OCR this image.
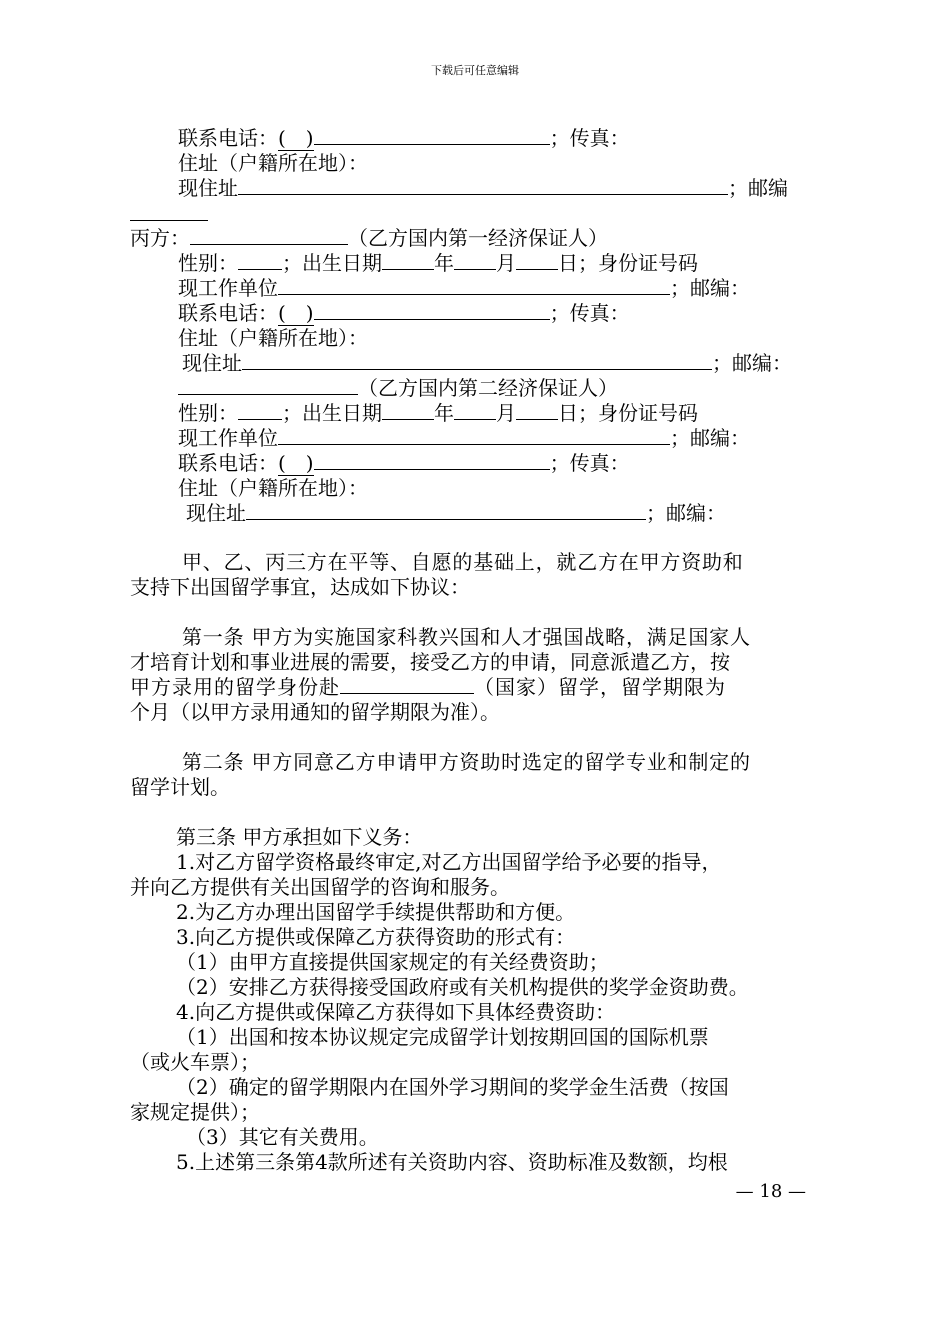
下载后可任意编辑
联系电话：(　)	；传真：
住址（户籍所在地）：
现住址	；邮编
丙方：	（乙方国内第一经济保证人）
性别： ；出生日期	年 月 日；身份证号码
现工作单位	；邮编：
联系电话：(　)	；传真：
住址（户籍所在地）：
现住址	；邮编：
（乙方国内第二经济保证人）
性别： ；出生日期	年 月 日；身份证号码
现工作单位	；邮编：
联系电话：(　)	；传真：
住址（户籍所在地）：
现住址	；邮编：
甲、乙、丙三方在平等、自愿的基础上，就乙方在甲方资助和
支持下出国留学事宜，达成如下协议：
第一条 甲方为实施国家科教兴国和人才强国战略，满足国家人
才培育计划和事业进展的需要，接受乙方的申请，同意派遣乙方，按
甲方录用的留学身份赴	（国家）留学，留学期限为
个月（以甲方录用通知的留学期限为准）。
第二条 甲方同意乙方申请甲方资助时选定的留学专业和制定的
留学计划。
第三条 甲方承担如下义务：
1.对乙方留学资格最终审定,对乙方出国留学给予必要的指导，
并向乙方提供有关出国留学的咨询和服务。
2.为乙方办理出国留学手续提供帮助和方便。
3.向乙方提供或保障乙方获得资助的形式有：
（1）由甲方直接提供国家规定的有关经费资助；
（2）安排乙方获得接受国政府或有关机构提供的奖学金资助费。
4.向乙方提供或保障乙方获得如下具体经费资助：
（1）出国和按本协议规定完成留学计划按期回国的国际机票
（或火车票）；
（2）确定的留学期限内在国外学习期间的奖学金生活费（按国
家规定提供）；
（3）其它有关费用。
5.上述第三条第4款所述有关资助内容、资助标准及数额，均根
— 18 —
